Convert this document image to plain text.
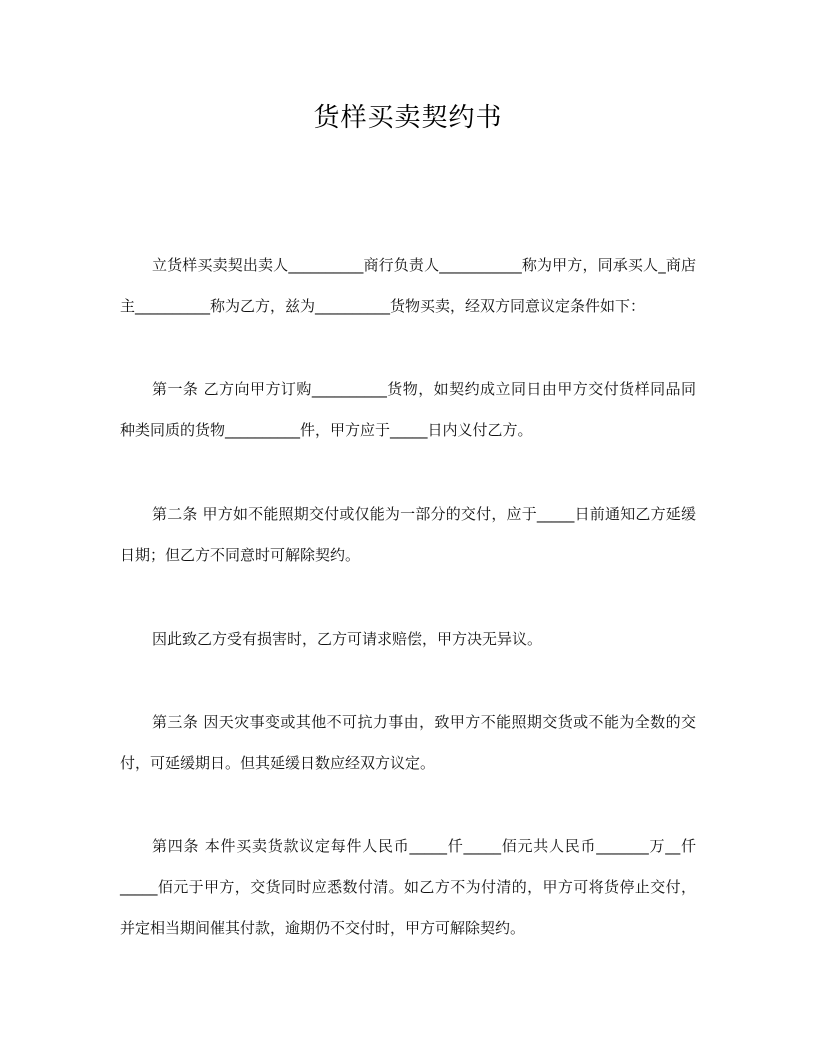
货样买卖契约书

立货样买卖契出卖人__________商行负责人___________称为甲方，同承买人_商店主__________称为乙方，兹为__________货物买卖，经双方同意议定条件如下：

第一条 乙方向甲方订购__________货物，如契约成立同日由甲方交付货样同品同种类同质的货物__________件，甲方应于_____日内义付乙方。

第二条 甲方如不能照期交付或仅能为一部分的交付，应于_____日前通知乙方延缓日期；但乙方不同意时可解除契约。

因此致乙方受有损害时，乙方可请求赔偿，甲方决无异议。

第三条 因天灾事变或其他不可抗力事由，致甲方不能照期交货或不能为全数的交付，可延缓期日。但其延缓日数应经双方议定。

第四条 本件买卖货款议定每件人民币_____仟_____佰元共人民币_______万__仟_____佰元于甲方，交货同时应悉数付清。如乙方不为付清的，甲方可将货停止交付，并定相当期间催其付款，逾期仍不交付时，甲方可解除契约。
